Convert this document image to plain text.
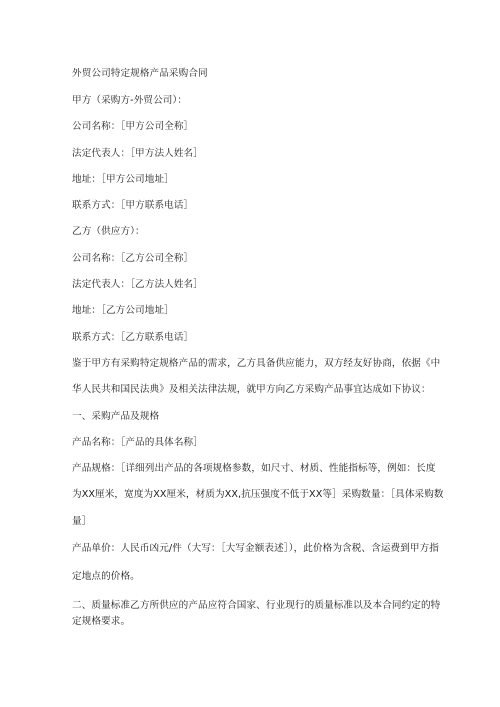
外贸公司特定规格产品采购合同
甲方（采购方-外贸公司）：
公司名称：［甲方公司全称］
法定代表人：［甲方法人姓名］
地址：［甲方公司地址］
联系方式：［甲方联系电话］
乙方（供应方）：
公司名称：［乙方公司全称］
法定代表人：［乙方法人姓名］
地址：［乙方公司地址］
联系方式：［乙方联系电话］
鉴于甲方有采购特定规格产品的需求，乙方具备供应能力，双方经友好协商，依据《中
华人民共和国民法典》及相关法律法规，就甲方向乙方采购产品事宜达成如下协议：
一、采购产品及规格
产品名称：［产品的具体名称］
产品规格：［详细列出产品的各项规格参数，如尺寸、材质、性能指标等，例如：长度
为XX厘米，宽度为XX厘米，材质为XX,抗压强度不低于XX等］采购数量：［具体采购数
量］
产品单价：人民币凶元/件（大写：［大写金额表述］），此价格为含税、含运费到甲方指
定地点的价格。
二、质量标准乙方所供应的产品应符合国家、行业现行的质量标准以及本合同约定的特
定规格要求。
